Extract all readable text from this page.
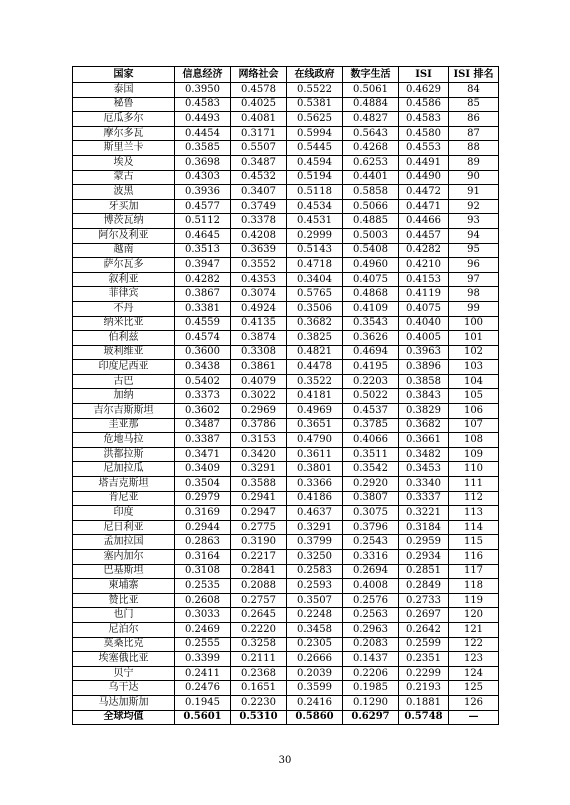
国家	信息经济	网络社会	在线政府	数字生活	ISI	ISI 排名
泰国	0.3950	0.4578	0.5522	0.5061	0.4629	84
秘鲁	0.4583	0.4025	0.5381	0.4884	0.4586	85
厄瓜多尔	0.4493	0.4081	0.5625	0.4827	0.4583	86
摩尔多瓦	0.4454	0.3171	0.5994	0.5643	0.4580	87
斯里兰卡	0.3585	0.5507	0.5445	0.4268	0.4553	88
埃及	0.3698	0.3487	0.4594	0.6253	0.4491	89
蒙古	0.4303	0.4532	0.5194	0.4401	0.4490	90
波黑	0.3936	0.3407	0.5118	0.5858	0.4472	91
牙买加	0.4577	0.3749	0.4534	0.5066	0.4471	92
博茨瓦纳	0.5112	0.3378	0.4531	0.4885	0.4466	93
阿尔及利亚	0.4645	0.4208	0.2999	0.5003	0.4457	94
越南	0.3513	0.3639	0.5143	0.5408	0.4282	95
萨尔瓦多	0.3947	0.3552	0.4718	0.4960	0.4210	96
叙利亚	0.4282	0.4353	0.3404	0.4075	0.4153	97
菲律宾	0.3867	0.3074	0.5765	0.4868	0.4119	98
不丹	0.3381	0.4924	0.3506	0.4109	0.4075	99
纳米比亚	0.4559	0.4135	0.3682	0.3543	0.4040	100
伯利兹	0.4574	0.3874	0.3825	0.3626	0.4005	101
玻利维亚	0.3600	0.3308	0.4821	0.4694	0.3963	102
印度尼西亚	0.3438	0.3861	0.4478	0.4195	0.3896	103
古巴	0.5402	0.4079	0.3522	0.2203	0.3858	104
加纳	0.3373	0.3022	0.4181	0.5022	0.3843	105
吉尔吉斯斯坦	0.3602	0.2969	0.4969	0.4537	0.3829	106
圭亚那	0.3487	0.3786	0.3651	0.3785	0.3682	107
危地马拉	0.3387	0.3153	0.4790	0.4066	0.3661	108
洪都拉斯	0.3471	0.3420	0.3611	0.3511	0.3482	109
尼加拉瓜	0.3409	0.3291	0.3801	0.3542	0.3453	110
塔吉克斯坦	0.3504	0.3588	0.3366	0.2920	0.3340	111
肯尼亚	0.2979	0.2941	0.4186	0.3807	0.3337	112
印度	0.3169	0.2947	0.4637	0.3075	0.3221	113
尼日利亚	0.2944	0.2775	0.3291	0.3796	0.3184	114
孟加拉国	0.2863	0.3190	0.3799	0.2543	0.2959	115
塞内加尔	0.3164	0.2217	0.3250	0.3316	0.2934	116
巴基斯坦	0.3108	0.2841	0.2583	0.2694	0.2851	117
柬埔寨	0.2535	0.2088	0.2593	0.4008	0.2849	118
赞比亚	0.2608	0.2757	0.3507	0.2576	0.2733	119
也门	0.3033	0.2645	0.2248	0.2563	0.2697	120
尼泊尔	0.2469	0.2220	0.3458	0.2963	0.2642	121
莫桑比克	0.2555	0.3258	0.2305	0.2083	0.2599	122
埃塞俄比亚	0.3399	0.2111	0.2666	0.1437	0.2351	123
贝宁	0.2411	0.2368	0.2039	0.2206	0.2299	124
乌干达	0.2476	0.1651	0.3599	0.1985	0.2193	125
马达加斯加	0.1945	0.2230	0.2416	0.1290	0.1881	126
全球均值	0.5601	0.5310	0.5860	0.6297	0.5748	—
30
